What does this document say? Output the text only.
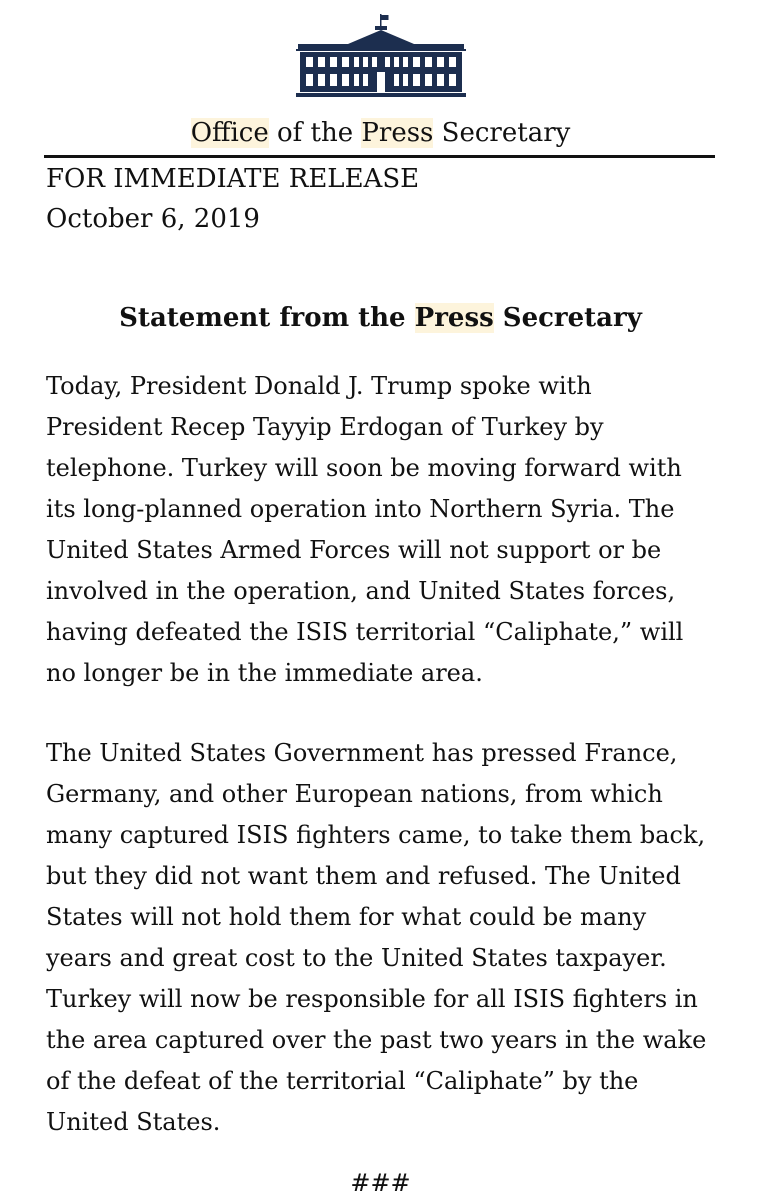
Office of the Press Secretary
FOR IMMEDIATE RELEASE
October 6, 2019
Statement from the Press Secretary
Today, President Donald J. Trump spoke with
President Recep Tayyip Erdogan of Turkey by
telephone. Turkey will soon be moving forward with
its long-planned operation into Northern Syria. The
United States Armed Forces will not support or be
involved in the operation, and United States forces,
having defeated the ISIS territorial “Caliphate,” will
no longer be in the immediate area.
The United States Government has pressed France,
Germany, and other European nations, from which
many captured ISIS fighters came, to take them back,
but they did not want them and refused. The United
States will not hold them for what could be many
years and great cost to the United States taxpayer.
Turkey will now be responsible for all ISIS fighters in
the area captured over the past two years in the wake
of the defeat of the territorial “Caliphate” by the
United States.
###
